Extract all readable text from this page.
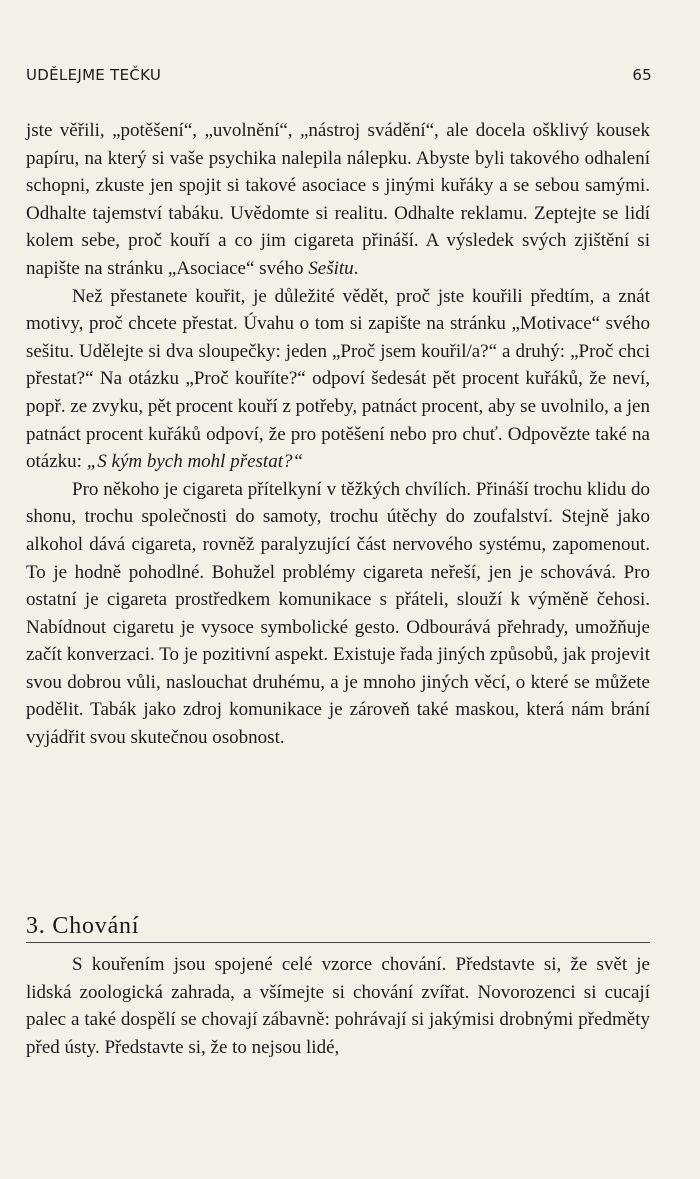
UDĚLEJME TEČKU	65

jste věřili, „potěšení“, „uvolnění“, „nástroj svádění“, ale docela ošklivý kousek papíru, na který si vaše psychika nalepila nálepku. Abyste byli takového odhalení schopni, zkuste jen spojit si takové asociace s jinými kuřáky a se sebou samými. Odhalte tajemství tabáku. Uvědomte si realitu. Odhalte reklamu. Zeptejte se lidí kolem sebe, proč kouří a co jim cigareta přináší. A výsledek svých zjištění si napište na stránku „Asociace“ svého Sešitu.

Než přestanete kouřit, je důležité vědět, proč jste kouřili předtím, a znát motivy, proč chcete přestat. Úvahu o tom si zapište na stránku „Motivace“ svého sešitu. Udělejte si dva sloupečky: jeden „Proč jsem kouřil/a?“ a druhý: „Proč chci přestat?“ Na otázku „Proč kouříte?“ odpoví šedesát pět procent kuřáků, že neví, popř. ze zvyku, pět procent kouří z potřeby, patnáct procent, aby se uvolnilo, a jen patnáct procent kuřáků odpoví, že pro potěšení nebo pro chuť. Odpovězte také na otázku: „S kým bych mohl přestat?“

Pro někoho je cigareta přítelkyní v těžkých chvílích. Přináší trochu klidu do shonu, trochu společnosti do samoty, trochu útěchy do zoufalství. Stejně jako alkohol dává cigareta, rovněž paralyzující část nervového systému, zapomenout. To je hodně pohodlné. Bohužel problémy cigareta neřeší, jen je schovává. Pro ostatní je cigareta prostředkem komunikace s přáteli, slouží k výměně čehosi. Nabídnout cigaretu je vysoce symbolické gesto. Odbourává přehrady, umožňuje začít konverzaci. To je pozitivní aspekt. Existuje řada jiných způsobů, jak projevit svou dobrou vůli, naslouchat druhému, a je mnoho jiných věcí, o které se můžete podělit. Tabák jako zdroj komunikace je zároveň také maskou, která nám brání vyjádřit svou skutečnou osobnost.

3. Chování

S kouřením jsou spojené celé vzorce chování. Představte si, že svět je lidská zoologická zahrada, a všímejte si chování zvířat. Novorozenci si cucají palec a také dospělí se chovají zábavně: pohrávají si jakýmisi drobnými předměty před ústy. Představte si, že to nejsou lidé,
